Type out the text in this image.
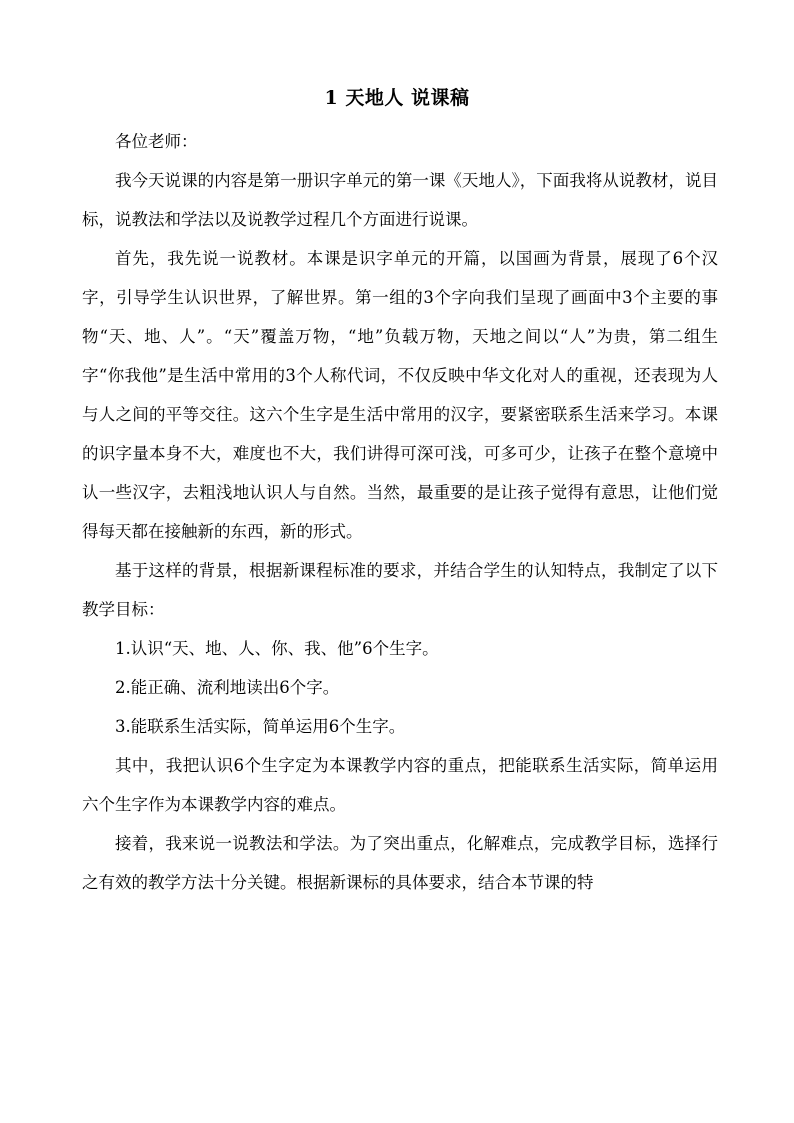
1 天地人 说课稿

各位老师：

我今天说课的内容是第一册识字单元的第一课《天地人》，下面我将从说教材，说目标，说教法和学法以及说教学过程几个方面进行说课。

首先，我先说一说教材。本课是识字单元的开篇，以国画为背景，展现了6个汉字，引导学生认识世界，了解世界。第一组的3个字向我们呈现了画面中3个主要的事物“天、地、人”。“天”覆盖万物，“地”负载万物，天地之间以“人”为贵，第二组生字“你我他”是生活中常用的3个人称代词，不仅反映中华文化对人的重视，还表现为人与人之间的平等交往。这六个生字是生活中常用的汉字，要紧密联系生活来学习。本课的识字量本身不大，难度也不大，我们讲得可深可浅，可多可少，让孩子在整个意境中认一些汉字，去粗浅地认识人与自然。当然，最重要的是让孩子觉得有意思，让他们觉得每天都在接触新的东西，新的形式。

基于这样的背景，根据新课程标准的要求，并结合学生的认知特点，我制定了以下教学目标：

1.认识“天、地、人、你、我、他”6个生字。

2.能正确、流利地读出6个字。

3.能联系生活实际，简单运用6个生字。

其中，我把认识6个生字定为本课教学内容的重点，把能联系生活实际，简单运用六个生字作为本课教学内容的难点。

接着，我来说一说教法和学法。为了突出重点，化解难点，完成教学目标，选择行之有效的教学方法十分关键。根据新课标的具体要求，结合本节课的特
